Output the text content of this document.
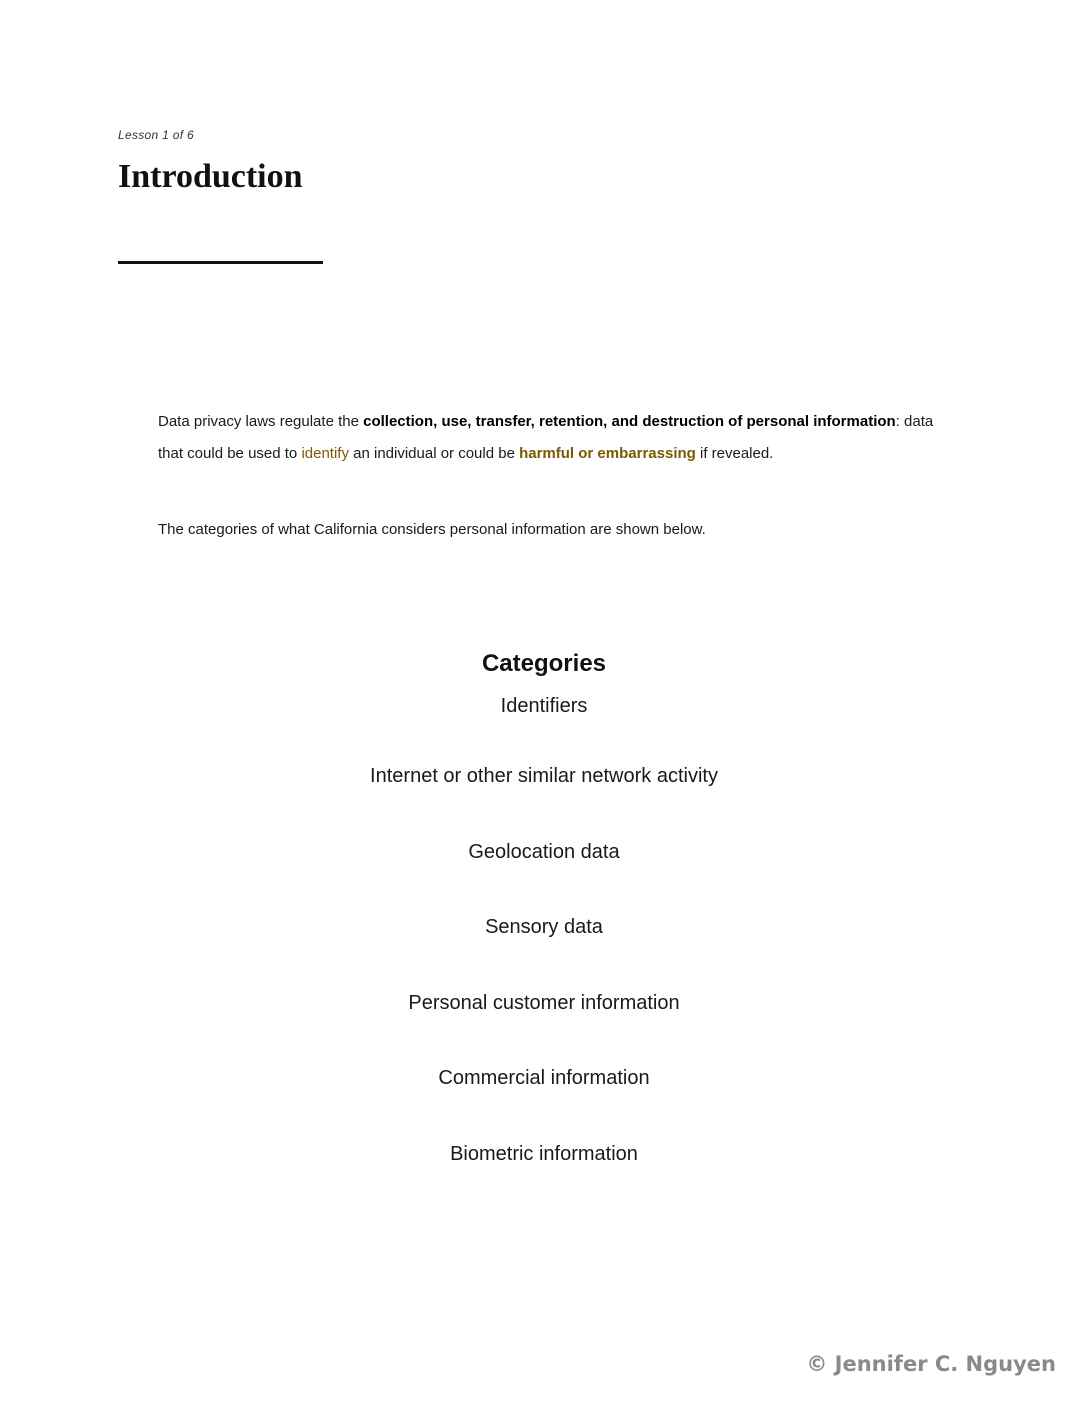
Lesson 1 of 6
Introduction

Data privacy laws regulate the collection, use, transfer, retention, and destruction of personal information: data that could be used to identify an individual or could be harmful or embarrassing if revealed.

The categories of what California considers personal information are shown below.

Categories
Identifiers
Internet or other similar network activity
Geolocation data
Sensory data
Personal customer information
Commercial information
Biometric information
© Jennifer C. Nguyen
